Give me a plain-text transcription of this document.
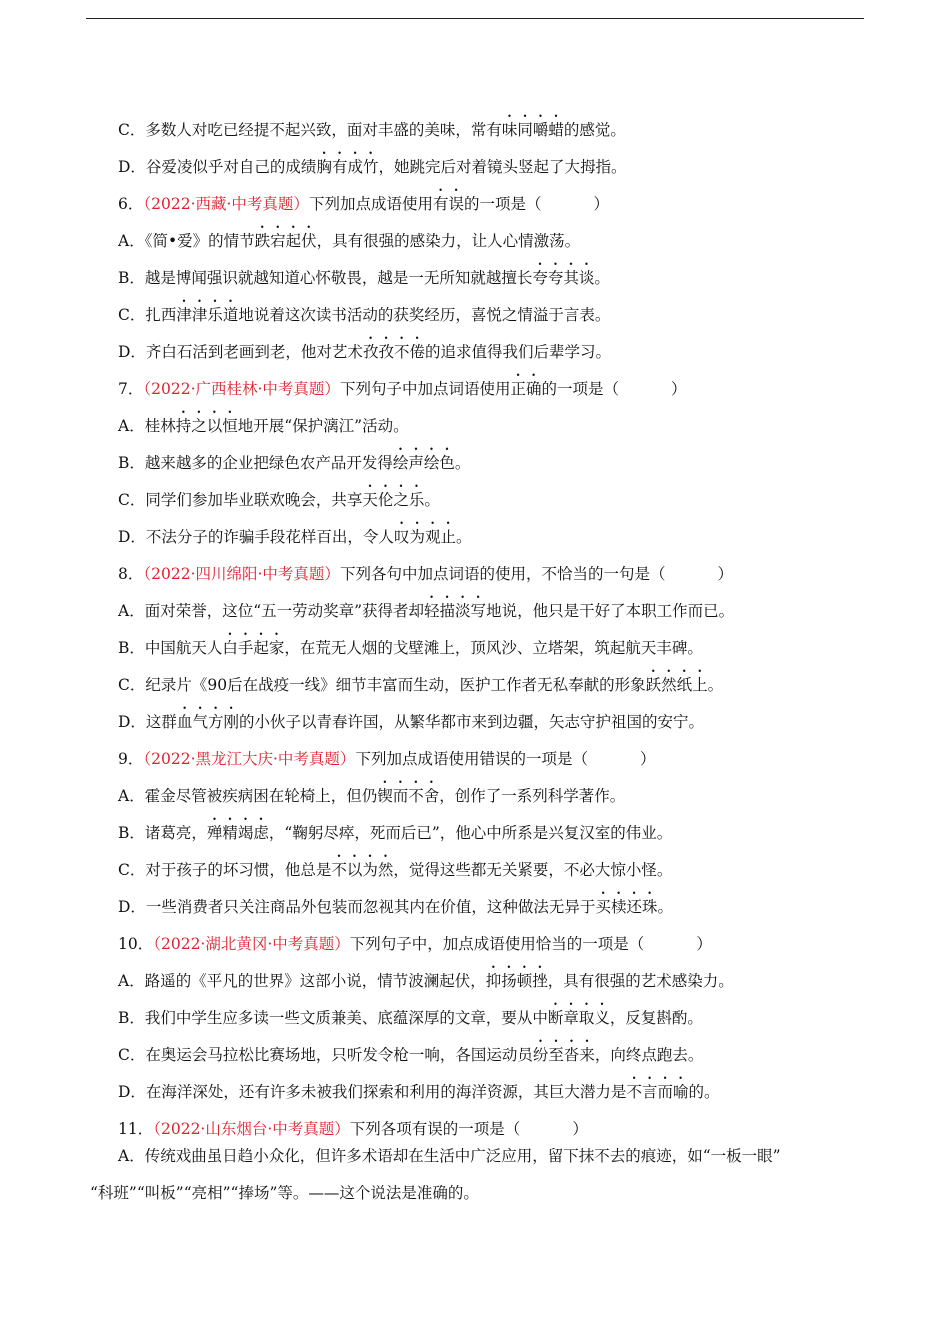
C．多数人对吃已经提不起兴致，面对丰盛的美味，常有味同嚼蜡的感觉。
D．谷爱凌似乎对自己的成绩胸有成竹，她跳完后对着镜头竖起了大拇指。
6．（2022·西藏·中考真题）下列加点成语使用有误的一项是（	）
A．《简•爱》的情节跌宕起伏，具有很强的感染力，让人心情激荡。
B．越是博闻强识就越知道心怀敬畏，越是一无所知就越擅长夸夸其谈。
C．扎西津津乐道地说着这次读书活动的获奖经历，喜悦之情溢于言表。
D．齐白石活到老画到老，他对艺术孜孜不倦的追求值得我们后辈学习。
7．（2022·广西桂林·中考真题）下列句子中加点词语使用正确的一项是（	）
A．桂林持之以恒地开展“保护漓江”活动。
B．越来越多的企业把绿色农产品开发得绘声绘色。
C．同学们参加毕业联欢晚会，共享天伦之乐。
D．不法分子的诈骗手段花样百出，令人叹为观止。
8．（2022·四川绵阳·中考真题）下列各句中加点词语的使用，不恰当的一句是（	）
A．面对荣誉，这位“五一劳动奖章”获得者却轻描淡写地说，他只是干好了本职工作而已。
B．中国航天人白手起家，在荒无人烟的戈壁滩上，顶风沙、立塔架，筑起航天丰碑。
C．纪录片《90后在战疫一线》细节丰富而生动，医护工作者无私奉献的形象跃然纸上。
D．这群血气方刚的小伙子以青春许国，从繁华都市来到边疆，矢志守护祖国的安宁。
9．（2022·黑龙江大庆·中考真题）下列加点成语使用错误的一项是（	）
A．霍金尽管被疾病困在轮椅上，但仍锲而不舍，创作了一系列科学著作。
B．诸葛亮，殚精竭虑，“鞠躬尽瘁，死而后已”，他心中所系是兴复汉室的伟业。
C．对于孩子的坏习惯，他总是不以为然，觉得这些都无关紧要，不必大惊小怪。
D．一些消费者只关注商品外包装而忽视其内在价值，这种做法无异于买椟还珠。
10．（2022·湖北黄冈·中考真题）下列句子中，加点成语使用恰当的一项是（	）
A．路遥的《平凡的世界》这部小说，情节波澜起伏，抑扬顿挫，具有很强的艺术感染力。
B．我们中学生应多读一些文质兼美、底蕴深厚的文章，要从中断章取义，反复斟酌。
C．在奥运会马拉松比赛场地，只听发令枪一响，各国运动员纷至沓来，向终点跑去。
D．在海洋深处，还有许多未被我们探索和利用的海洋资源，其巨大潜力是不言而喻的。
11．（2022·山东烟台·中考真题）下列各项有误的一项是（	）
A．传统戏曲虽日趋小众化，但许多术语却在生活中广泛应用，留下抹不去的痕迹，如“一板一眼”
“科班”“叫板”“亮相”“捧场”等。——这个说法是准确的。
